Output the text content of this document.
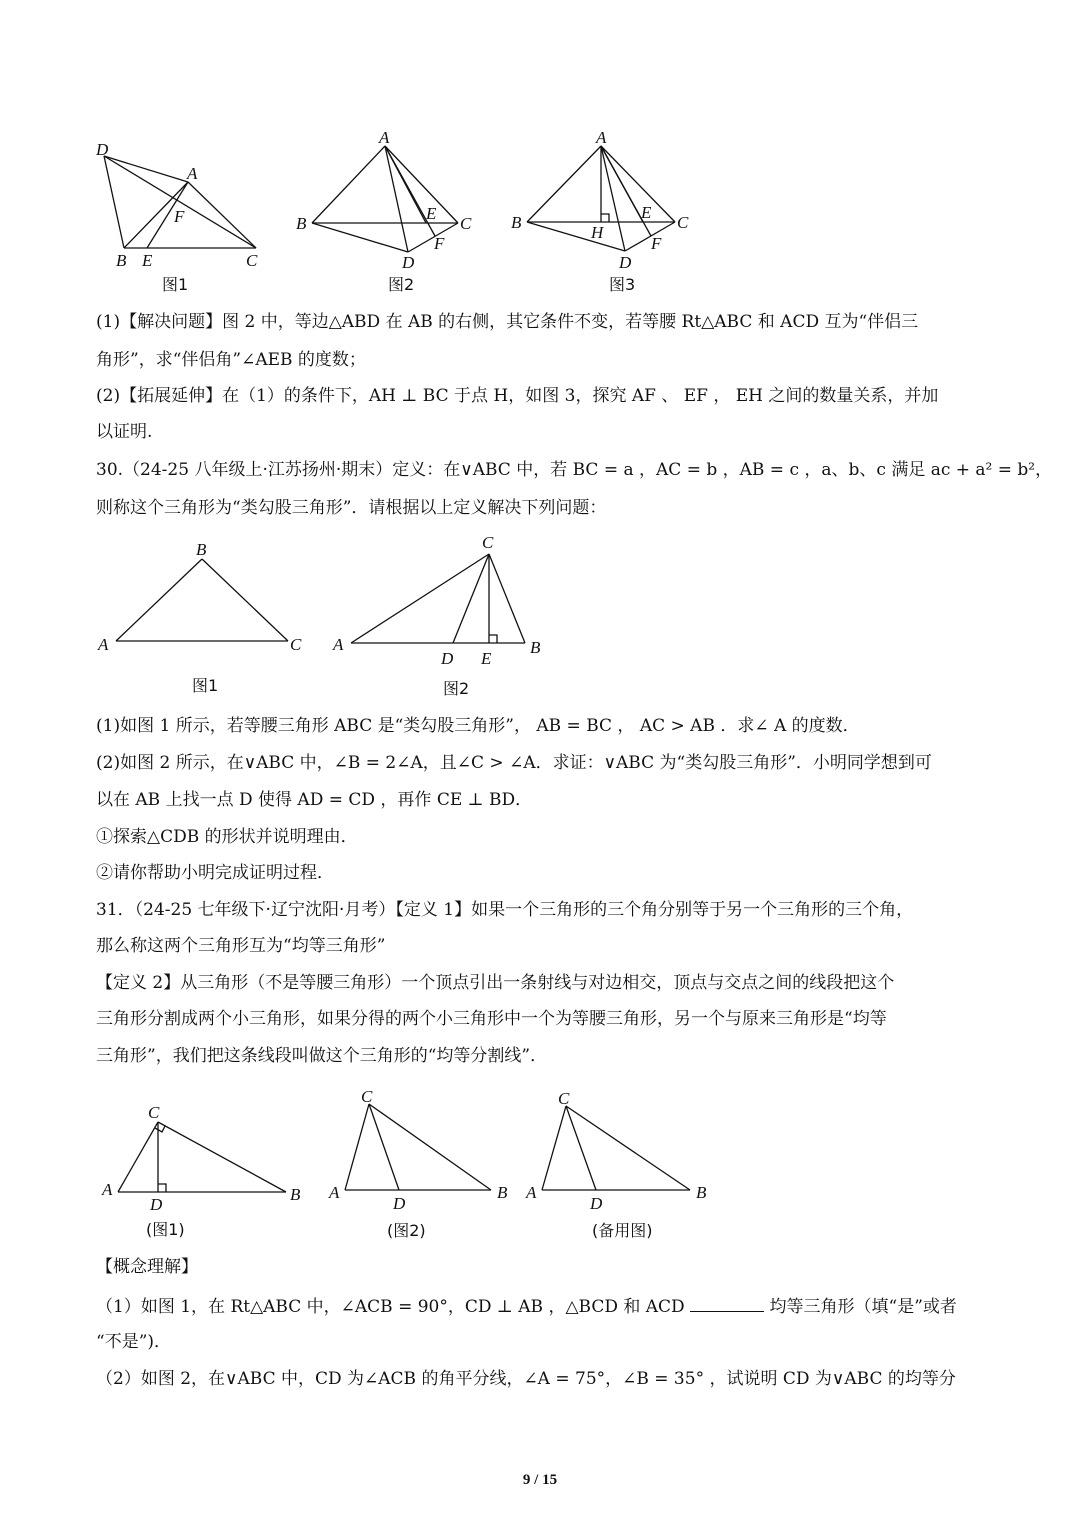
D
A
F
B E	C
图1
A
B
E
C
F
D
图2
A
B
H
E
C
F
D
图3
(1)【解决问题】图 2 中，等边△ABD 在 AB 的右侧，其它条件不变，若等腰 Rt△ABC 和 ACD 互为“伴侣三
角形”，求“伴侣角”∠AEB 的度数；
(2)【拓展延伸】在（1）的条件下，AH ⊥ BC 于点 H，如图 3，探究 AF 、 EF ， EH 之间的数量关系，并加
以证明.
30.（24-25 八年级上·江苏扬州·期末）定义：在∨ABC 中，若 BC = a ，AC = b ，AB = c ，a、b、c 满足 ac + a² = b²，
则称这个三角形为“类勾股三角形”．请根据以上定义解决下列问题：
B
A	C
图1
C
A
D E
B
图2
(1)如图 1 所示，若等腰三角形 ABC 是“类勾股三角形”， AB = BC ， AC > AB ．求∠ A 的度数．
(2)如图 2 所示，在∨ABC 中，∠B = 2∠A，且∠C > ∠A．求证：∨ABC 为“类勾股三角形”．小明同学想到可
以在 AB 上找一点 D 使得 AD = CD ，再作 CE ⊥ BD．
①探索△CDB 的形状并说明理由．
②请你帮助小明完成证明过程．
31．（24-25 七年级下·辽宁沈阳·月考）【定义 1】如果一个三角形的三个角分别等于另一个三角形的三个角，
那么称这两个三角形互为“均等三角形”
【定义 2】从三角形（不是等腰三角形）一个顶点引出一条射线与对边相交，顶点与交点之间的线段把这个
三角形分割成两个小三角形，如果分得的两个小三角形中一个为等腰三角形，另一个与原来三角形是“均等
三角形”，我们把这条线段叫做这个三角形的“均等分割线”．
C
A
D
B
(图1)
C
A
D
B
(图2)
C
A
D
B
(备用图)
【概念理解】
（1）如图 1，在 Rt△ABC 中，∠ACB = 90°，CD ⊥ AB ，△BCD 和 ACD	均等三角形（填“是”或者
“不是”)．
（2）如图 2，在∨ABC 中，CD 为∠ACB 的角平分线，∠A = 75°，∠B = 35° ，试说明 CD 为∨ABC 的均等分
9 / 15
